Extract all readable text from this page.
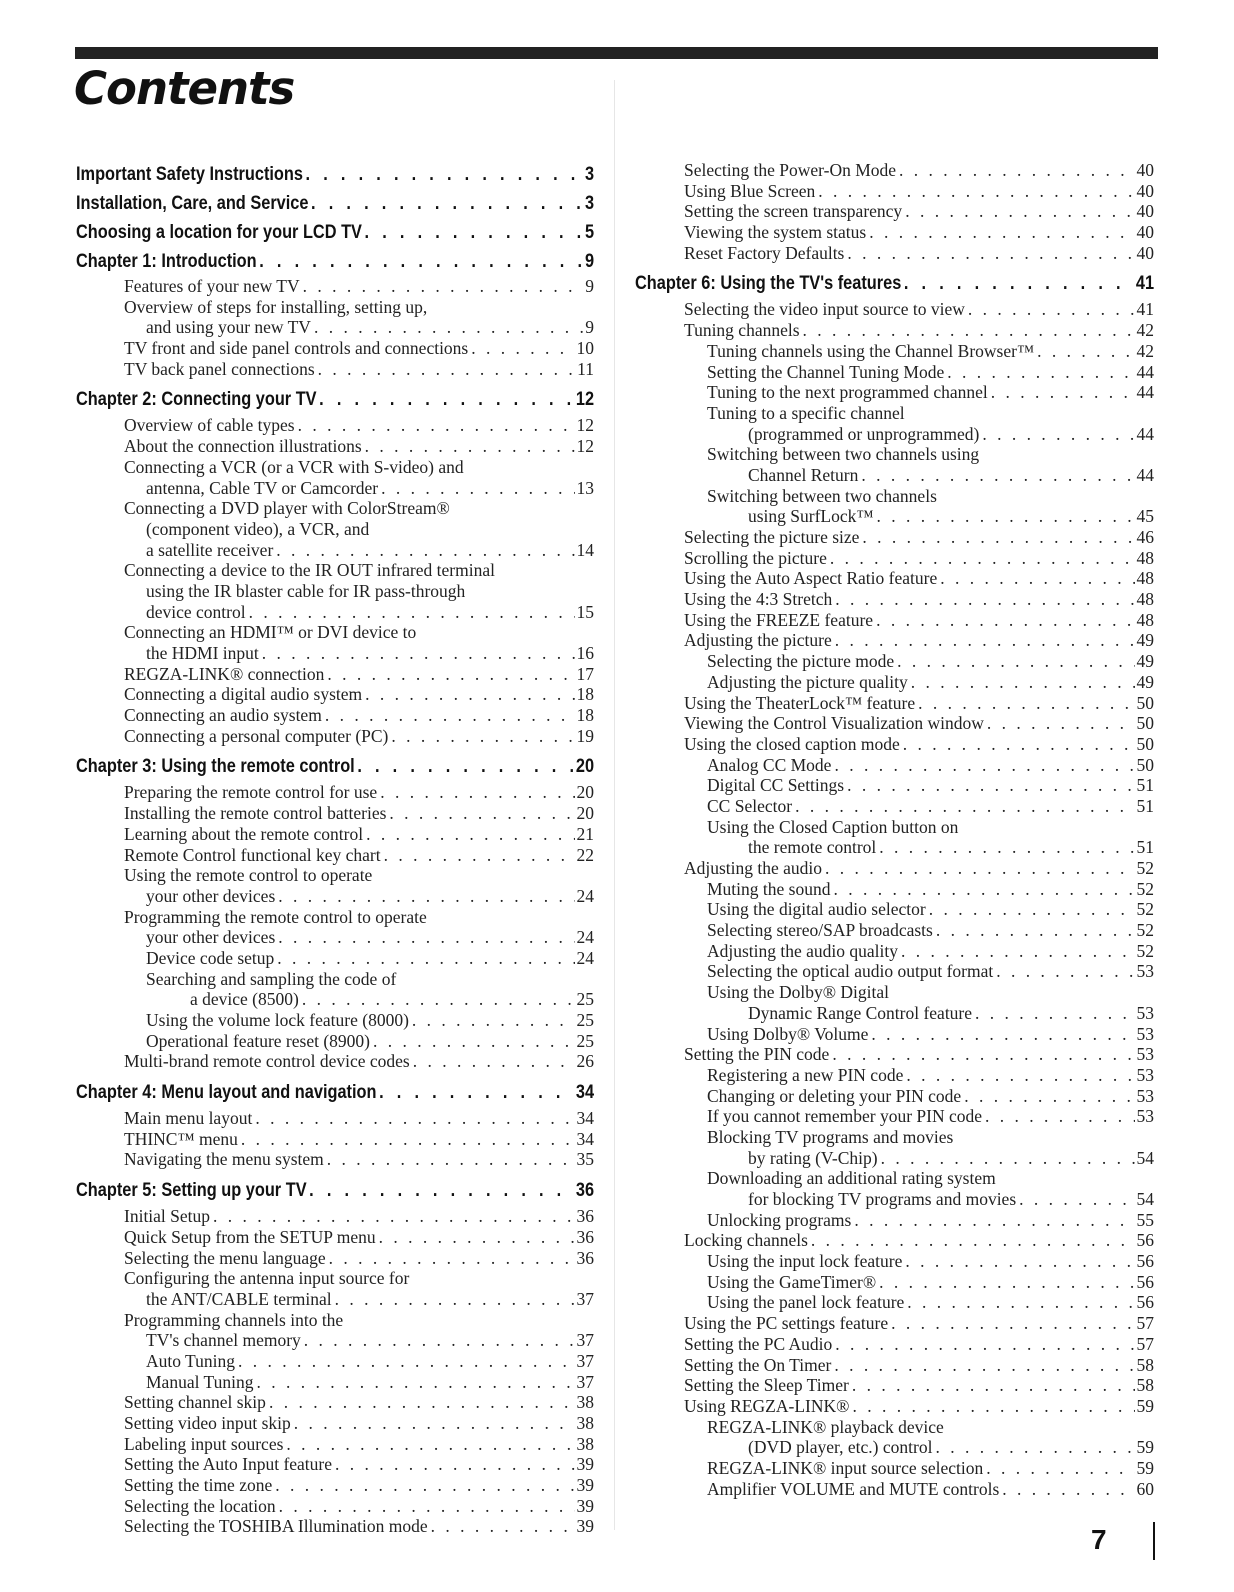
Contents
Important Safety Instructions . . .	3
Installation, Care, and Service . . .	3
Choosing a location for your LCD TV . . .	5
Chapter 1: Introduction . . .	9
Features of your new TV . . .	9
Overview of steps for installing, setting up,
and using your new TV . . .	9
TV front and side panel controls and connections . . .	10
TV back panel connections . . .	11
Chapter 2: Connecting your TV . . .	12
Overview of cable types . . .	12
About the connection illustrations . . .	12
Connecting a VCR (or a VCR with S-video) and
antenna, Cable TV or Camcorder . . .	13
Connecting a DVD player with ColorStream®
(component video), a VCR, and
a satellite receiver . . .	14
Connecting a device to the IR OUT infrared terminal
using the IR blaster cable for IR pass-through
device control . . .	15
Connecting an HDMI™ or DVI device to
the HDMI input . . .	16
REGZA-LINK® connection . . .	17
Connecting a digital audio system . . .	18
Connecting an audio system . . .	18
Connecting a personal computer (PC) . . .	19
Chapter 3: Using the remote control . . .	20
Preparing the remote control for use . . .	20
Installing the remote control batteries . . .	20
Learning about the remote control . . .	21
Remote Control functional key chart . . .	22
Using the remote control to operate
your other devices . . .	24
Programming the remote control to operate
your other devices . . .	24
Device code setup . . .	24
Searching and sampling the code of
a device (8500) . . .	25
Using the volume lock feature (8000) . . .	25
Operational feature reset (8900) . . .	25
Multi-brand remote control device codes . . .	26
Chapter 4: Menu layout and navigation . . .	34
Main menu layout . . .	34
THINC™ menu . . .	34
Navigating the menu system . . .	35
Chapter 5: Setting up your TV . . .	36
Initial Setup . . .	36
Quick Setup from the SETUP menu . . .	36
Selecting the menu language . . .	36
Configuring the antenna input source for
the ANT/CABLE terminal . . .	37
Programming channels into the
TV's channel memory . . .	37
Auto Tuning . . .	37
Manual Tuning . . .	37
Setting channel skip . . .	38
Setting video input skip . . .	38
Labeling input sources . . .	38
Setting the Auto Input feature . . .	39
Setting the time zone . . .	39
Selecting the location . . .	39
Selecting the TOSHIBA Illumination mode . . .	39
Selecting the Power-On Mode . . .	40
Using Blue Screen . . .	40
Setting the screen transparency . . .	40
Viewing the system status . . .	40
Reset Factory Defaults . . .	40
Chapter 6: Using the TV's features . . .	41
Selecting the video input source to view . . .	41
Tuning channels . . .	42
Tuning channels using the Channel Browser™ . . .	42
Setting the Channel Tuning Mode . . .	44
Tuning to the next programmed channel . . .	44
Tuning to a specific channel
(programmed or unprogrammed) . . .	44
Switching between two channels using
Channel Return . . .	44
Switching between two channels
using SurfLock™ . . .	45
Selecting the picture size . . .	46
Scrolling the picture . . .	48
Using the Auto Aspect Ratio feature . . .	48
Using the 4:3 Stretch . . .	48
Using the FREEZE feature . . .	48
Adjusting the picture . . .	49
Selecting the picture mode . . .	49
Adjusting the picture quality . . .	49
Using the TheaterLock™ feature . . .	50
Viewing the Control Visualization window . . .	50
Using the closed caption mode . . .	50
Analog CC Mode . . .	50
Digital CC Settings . . .	51
CC Selector . . .	51
Using the Closed Caption button on
the remote control . . .	51
Adjusting the audio . . .	52
Muting the sound . . .	52
Using the digital audio selector . . .	52
Selecting stereo/SAP broadcasts . . .	52
Adjusting the audio quality . . .	52
Selecting the optical audio output format . . .	53
Using the Dolby® Digital
Dynamic Range Control feature . . .	53
Using Dolby® Volume . . .	53
Setting the PIN code . . .	53
Registering a new PIN code . . .	53
Changing or deleting your PIN code . . .	53
If you cannot remember your PIN code . . .	53
Blocking TV programs and movies
by rating (V-Chip) . . .	54
Downloading an additional rating system
for blocking TV programs and movies . . .	54
Unlocking programs . . .	55
Locking channels . . .	56
Using the input lock feature . . .	56
Using the GameTimer® . . .	56
Using the panel lock feature . . .	56
Using the PC settings feature . . .	57
Setting the PC Audio . . .	57
Setting the On Timer . . .	58
Setting the Sleep Timer . . .	58
Using REGZA-LINK® . . .	59
REGZA-LINK® playback device
(DVD player, etc.) control . . .	59
REGZA-LINK® input source selection . . .	59
Amplifier VOLUME and MUTE controls . . .	60
7
